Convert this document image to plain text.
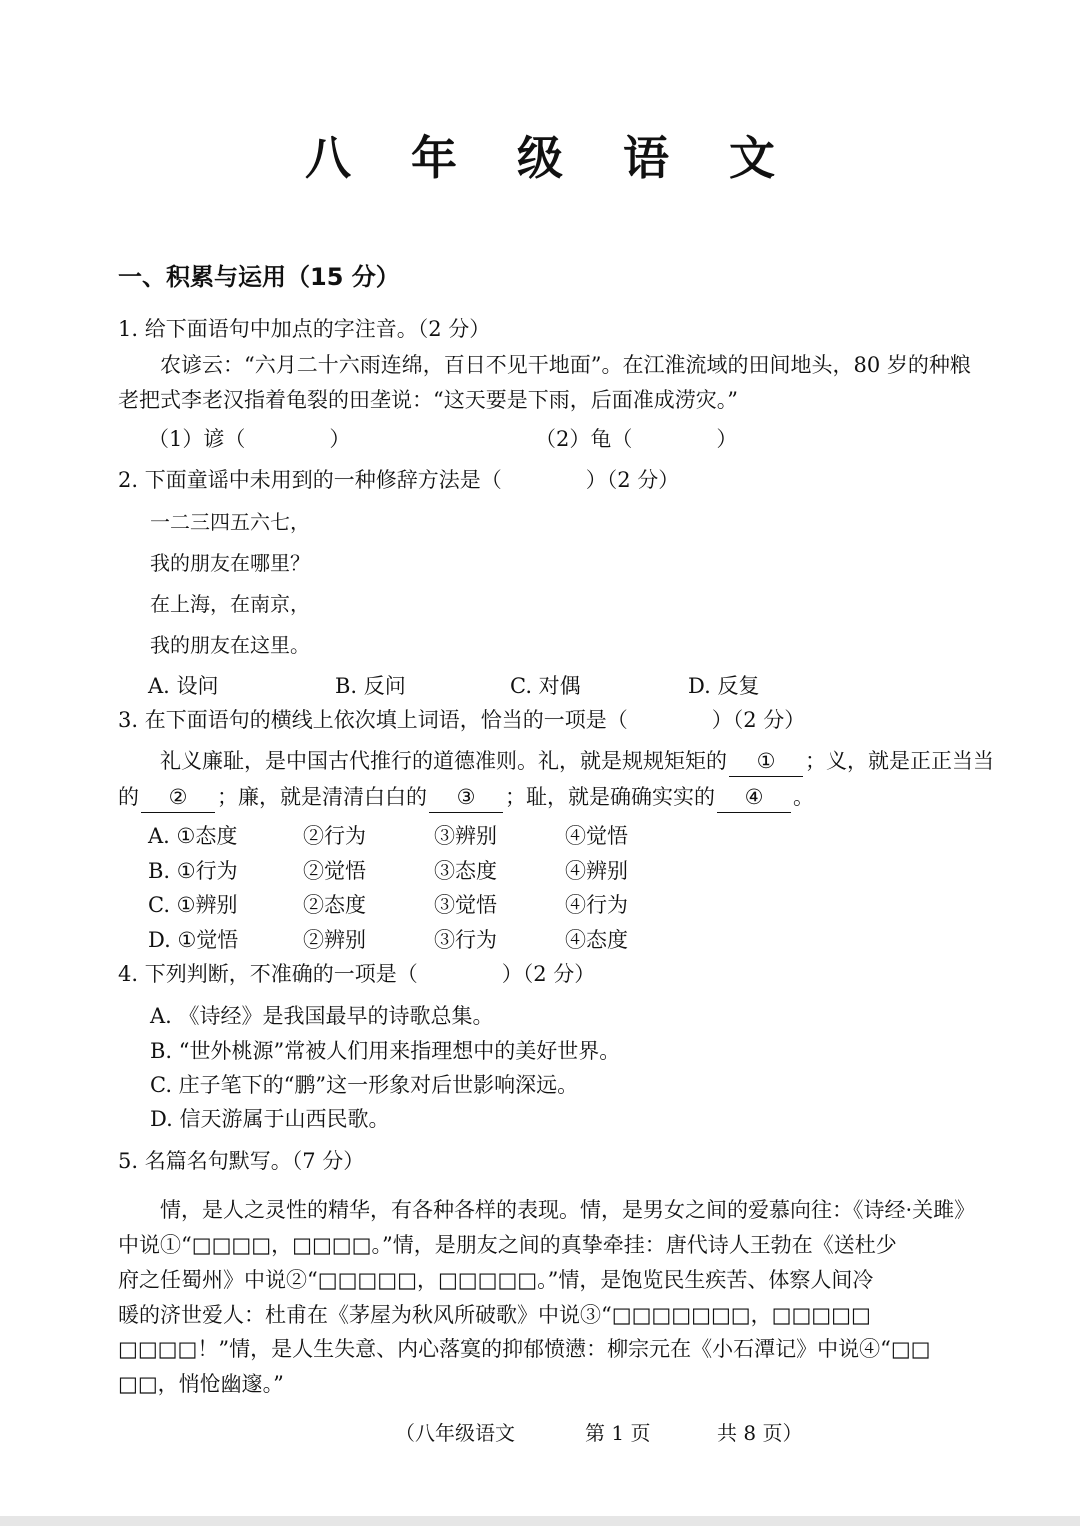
八 年 级 语 文
一、积累与运用（15 分）
1. 给下面语句中加点的字注音。（2 分）
农谚云：“六月二十六雨连绵，百日不见干地面”。在江淮流域的田间地头，80 岁的种粮
老把式李老汉指着龟裂的田垄说：“这天要是下雨，后面准成涝灾。”
（1）谚（　　　　）	（2）龟（　　　　）
2. 下面童谣中未用到的一种修辞方法是（　　　　）（2 分）
一二三四五六七，
我的朋友在哪里？
在上海，在南京，
我的朋友在这里。
A. 设问	B. 反问	C. 对偶	D. 反复
3. 在下面语句的横线上依次填上词语，恰当的一项是（　　　　）（2 分）
礼义廉耻，是中国古代推行的道德准则。礼，就是规规矩矩的 ① ；义，就是正正当当
的 ② ；廉，就是清清白白的 ③ ；耻，就是确确实实的 ④ 。
A. ①态度	②行为	③辨别	④觉悟
B. ①行为	②觉悟	③态度	④辨别
C. ①辨别	②态度	③觉悟	④行为
D. ①觉悟	②辨别	③行为	④态度
4. 下列判断，不准确的一项是（　　　　）（2 分）
A. 《诗经》是我国最早的诗歌总集。
B. “世外桃源”常被人们用来指理想中的美好世界。
C. 庄子笔下的“鹏”这一形象对后世影响深远。
D. 信天游属于山西民歌。
5. 名篇名句默写。（7 分）
情，是人之灵性的精华，有各种各样的表现。情，是男女之间的爱慕向往：《诗经·关雎》
中说①“□□□□，□□□□。”情，是朋友之间的真挚牵挂：唐代诗人王勃在《送杜少
府之任蜀州》中说②“□□□□□，□□□□□。”情，是饱览民生疾苦、体察人间冷
暖的济世爱人：杜甫在《茅屋为秋风所破歌》中说③“□□□□□□□，□□□□□
□□□□！”情，是人生失意、内心落寞的抑郁愤懑：柳宗元在《小石潭记》中说④“□□
□□，悄怆幽邃。”
（八年级语文	第 1 页	共 8 页）
